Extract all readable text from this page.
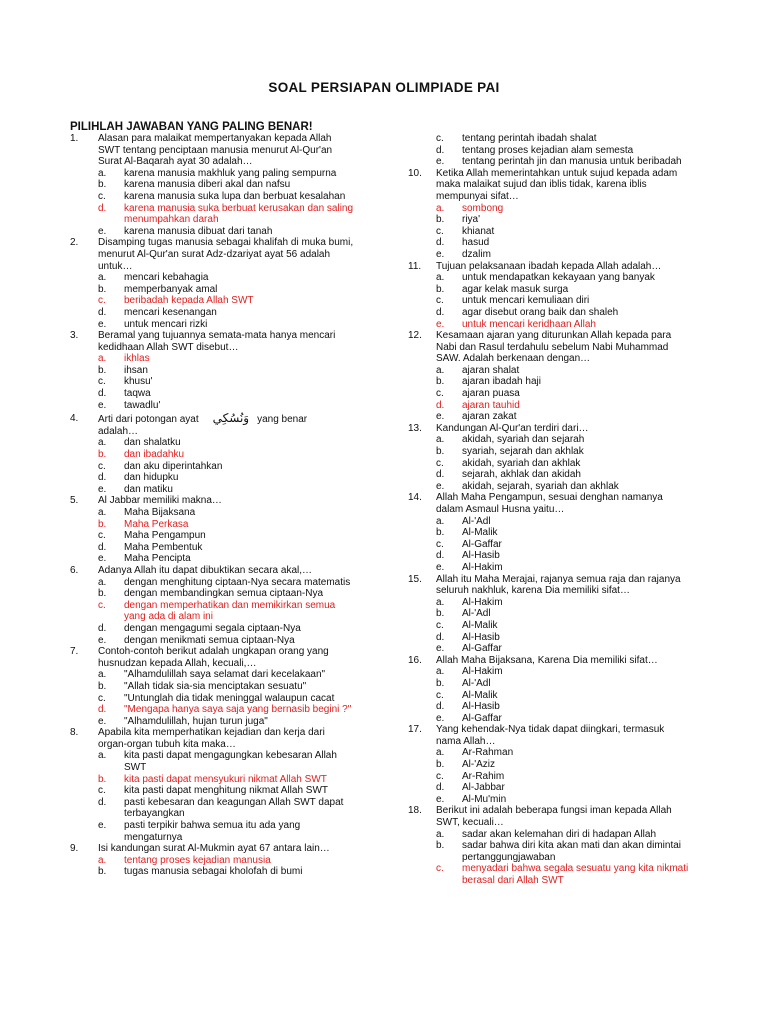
SOAL PERSIAPAN OLIMPIADE PAI
PILIHLAH JAWABAN YANG PALING BENAR!
1. Alasan para malaikat mempertanyakan kepada Allah
SWT tentang penciptaan manusia menurut Al-Qur'an
Surat Al-Baqarah ayat 30 adalah…
a. karena manusia makhluk yang paling sempurna
b. karena manusia diberi akal dan nafsu
c. karena manusia suka lupa dan berbuat kesalahan
d. karena manusia suka berbuat kerusakan dan saling
menumpahkan darah
e. karena manusia dibuat dari tanah
2. Disamping tugas manusia sebagai khalifah di muka bumi,
menurut Al-Qur'an surat Adz-dzariyat ayat 56 adalah
untuk…
a. mencari kebahagia
b. memperbanyak amal
c. beribadah kepada Allah SWT
d. mencari kesenangan
e. untuk mencari rizki
3. Beramal yang tujuannya semata-mata hanya mencari
kedidhaan Allah SWT disebut…
a. ikhlas
b. ihsan
c. khusu'
d. taqwa
e. tawadlu'
4. Arti dari potongan ayat وَنُسُكِي yang benar
adalah…
a. dan shalatku
b. dan ibadahku
c. dan aku diperintahkan
d. dan hidupku
e. dan matiku
5. Al Jabbar memiliki makna…
a. Maha Bijaksana
b. Maha Perkasa
c. Maha Pengampun
d. Maha Pembentuk
e. Maha Pencipta
6. Adanya Allah itu dapat dibuktikan secara akal,…
a. dengan menghitung ciptaan-Nya secara matematis
b. dengan membandingkan semua ciptaan-Nya
c. dengan memperhatikan dan memikirkan semua
yang ada di alam ini
d. dengan mengagumi segala ciptaan-Nya
e. dengan menikmati semua ciptaan-Nya
7. Contoh-contoh berikut adalah ungkapan orang yang
husnudzan kepada Allah, kecuali,…
a. "Alhamdulillah saya selamat dari kecelakaan"
b. "Allah tidak sia-sia menciptakan sesuatu"
c. "Untunglah dia tidak meninggal walaupun cacat
d. "Mengapa hanya saya saja yang bernasib begini ?"
e. "Alhamdulillah, hujan turun juga"
8. Apabila kita memperhatikan kejadian dan kerja dari
organ-organ tubuh kita maka…
a. kita pasti dapat mengagungkan kebesaran Allah
SWT
b. kita pasti dapat mensyukuri nikmat Allah SWT
c. kita pasti dapat menghitung nikmat Allah SWT
d. pasti kebesaran dan keagungan Allah SWT dapat
terbayangkan
e. pasti terpikir bahwa semua itu ada yang
mengaturnya
9. Isi kandungan surat Al-Mukmin ayat 67 antara lain…
a. tentang proses kejadian manusia
b. tugas manusia sebagai kholofah di bumi
c. tentang perintah ibadah shalat
d. tentang proses kejadian alam semesta
e. tentang perintah jin dan manusia untuk beribadah
10. Ketika Allah memerintahkan untuk sujud kepada adam
maka malaikat sujud dan iblis tidak, karena iblis
mempunyai sifat…
a. sombong
b. riya'
c. khianat
d. hasud
e. dzalim
11. Tujuan pelaksanaan ibadah kepada Allah adalah…
a. untuk mendapatkan kekayaan yang banyak
b. agar kelak masuk surga
c. untuk mencari kemuliaan diri
d. agar disebut orang baik dan shaleh
e. untuk mencari keridhaan Allah
12. Kesamaan ajaran yang diturunkan Allah kepada para
Nabi dan Rasul terdahulu sebelum Nabi Muhammad
SAW. Adalah berkenaan dengan…
a. ajaran shalat
b. ajaran ibadah haji
c. ajaran puasa
d. ajaran tauhid
e. ajaran zakat
13. Kandungan Al-Qur'an terdiri dari…
a. akidah, syariah dan sejarah
b. syariah, sejarah dan akhlak
c. akidah, syariah dan akhlak
d. sejarah, akhlak dan akidah
e. akidah, sejarah, syariah dan akhlak
14. Allah Maha Pengampun, sesuai denghan namanya
dalam Asmaul Husna yaitu…
a. Al-'Adl
b. Al-Malik
c. Al-Gaffar
d. Al-Hasib
e. Al-Hakim
15. Allah itu Maha Merajai, rajanya semua raja dan rajanya
seluruh nakhluk, karena Dia memiliki sifat…
a. Al-Hakim
b. Al-'Adl
c. Al-Malik
d. Al-Hasib
e. Al-Gaffar
16. Allah Maha Bijaksana, Karena Dia memiliki sifat…
a. Al-Hakim
b. Al-'Adl
c. Al-Malik
d. Al-Hasib
e. Al-Gaffar
17. Yang kehendak-Nya tidak dapat diingkari, termasuk
nama Allah…
a. Ar-Rahman
b. Al-'Aziz
c. Ar-Rahim
d. Al-Jabbar
e. Al-Mu'min
18. Berikut ini adalah beberapa fungsi iman kepada Allah
SWT, kecuali…
a. sadar akan kelemahan diri di hadapan Allah
b. sadar bahwa diri kita akan mati dan akan dimintai
pertanggungjawaban
c. menyadari bahwa segala sesuatu yang kita nikmati
berasal dari Allah SWT
